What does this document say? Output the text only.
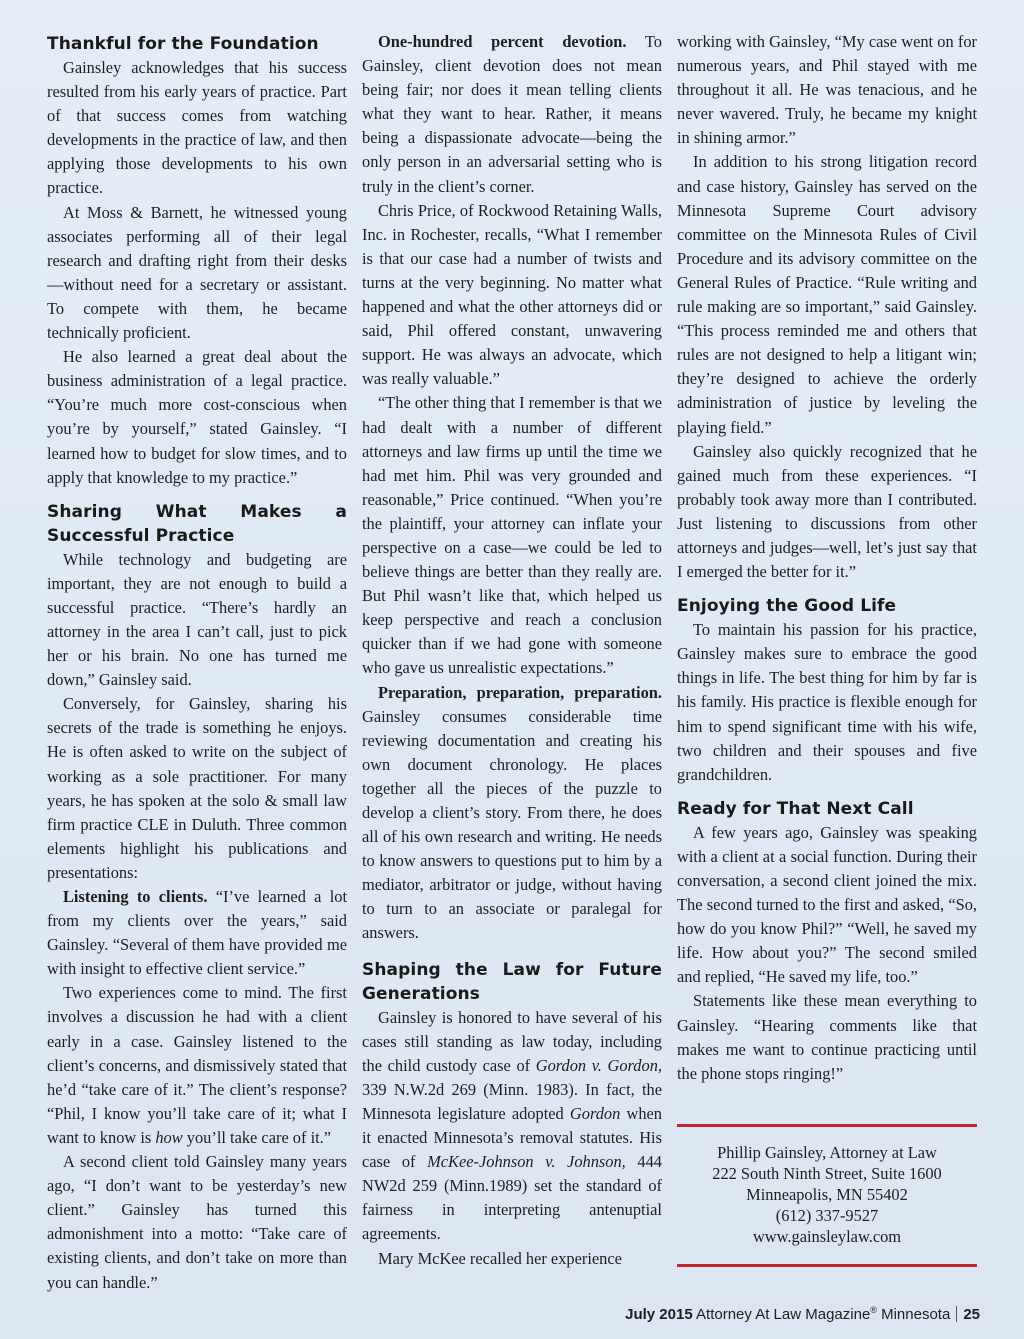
Thankful for the Foundation

Gainsley acknowledges that his success resulted from his early years of practice. Part of that success comes from watching developments in the practice of law, and then applying those developments to his own practice.

At Moss & Barnett, he witnessed young associates performing all of their legal research and drafting right from their desks—without need for a secretary or assistant. To compete with them, he became technically proficient.

He also learned a great deal about the business administration of a legal practice. “You’re much more cost-conscious when you’re by yourself,” stated Gainsley. “I learned how to budget for slow times, and to apply that knowledge to my practice.”

Sharing What Makes a Successful Practice

While technology and budgeting are important, they are not enough to build a successful practice. “There’s hardly an attorney in the area I can’t call, just to pick her or his brain. No one has turned me down,” Gainsley said.

Conversely, for Gainsley, sharing his secrets of the trade is something he enjoys. He is often asked to write on the subject of working as a sole practitioner. For many years, he has spoken at the solo & small law firm practice CLE in Duluth. Three common elements highlight his publications and presentations:

Listening to clients. “I’ve learned a lot from my clients over the years,” said Gainsley. “Several of them have provided me with insight to effective client service.”

Two experiences come to mind. The first involves a discussion he had with a client early in a case. Gainsley listened to the client’s concerns, and dismissively stated that he’d “take care of it.” The client’s response? “Phil, I know you’ll take care of it; what I want to know is how you’ll take care of it.”

A second client told Gainsley many years ago, “I don’t want to be yesterday’s new client.” Gainsley has turned this admonishment into a motto: “Take care of existing clients, and don’t take on more than you can handle.”

One-hundred percent devotion. To Gainsley, client devotion does not mean being fair; nor does it mean telling clients what they want to hear. Rather, it means being a dispassionate advocate—being the only person in an adversarial setting who is truly in the client’s corner.

Chris Price, of Rockwood Retaining Walls, Inc. in Rochester, recalls, “What I remember is that our case had a number of twists and turns at the very beginning. No matter what happened and what the other attorneys did or said, Phil offered constant, unwavering support. He was always an advocate, which was really valuable.”

“The other thing that I remember is that we had dealt with a number of different attorneys and law firms up until the time we had met him. Phil was very grounded and reasonable,” Price continued. “When you’re the plaintiff, your attorney can inflate your perspective on a case—we could be led to believe things are better than they really are. But Phil wasn’t like that, which helped us keep perspective and reach a conclusion quicker than if we had gone with someone who gave us unrealistic expectations.”

Preparation, preparation, preparation. Gainsley consumes considerable time reviewing documentation and creating his own document chronology. He places together all the pieces of the puzzle to develop a client’s story. From there, he does all of his own research and writing. He needs to know answers to questions put to him by a mediator, arbitrator or judge, without having to turn to an associate or paralegal for answers.

Shaping the Law for Future Generations

Gainsley is honored to have several of his cases still standing as law today, including the child custody case of Gordon v. Gordon, 339 N.W.2d 269 (Minn. 1983). In fact, the Minnesota legislature adopted Gordon when it enacted Minnesota’s removal statutes. His case of McKee-Johnson v. Johnson, 444 NW2d 259 (Minn.1989) set the standard of fairness in interpreting antenuptial agreements.

Mary McKee recalled her experience

working with Gainsley, “My case went on for numerous years, and Phil stayed with me throughout it all. He was tenacious, and he never wavered. Truly, he became my knight in shining armor.”

In addition to his strong litigation record and case history, Gainsley has served on the Minnesota Supreme Court advisory committee on the Minnesota Rules of Civil Procedure and its advisory committee on the General Rules of Practice. “Rule writing and rule making are so important,” said Gainsley. “This process reminded me and others that rules are not designed to help a litigant win; they’re designed to achieve the orderly administration of justice by leveling the playing field.”

Gainsley also quickly recognized that he gained much from these experiences. “I probably took away more than I contributed. Just listening to discussions from other attorneys and judges—well, let’s just say that I emerged the better for it.”

Enjoying the Good Life

To maintain his passion for his practice, Gainsley makes sure to embrace the good things in life. The best thing for him by far is his family. His practice is flexible enough for him to spend significant time with his wife, two children and their spouses and five grandchildren.

Ready for That Next Call

A few years ago, Gainsley was speaking with a client at a social function. During their conversation, a second client joined the mix. The second turned to the first and asked, “So, how do you know Phil?” “Well, he saved my life. How about you?” The second smiled and replied, “He saved my life, too.”

Statements like these mean everything to Gainsley. “Hearing comments like that makes me want to continue practicing until the phone stops ringing!”

Phillip Gainsley, Attorney at Law
222 South Ninth Street, Suite 1600
Minneapolis, MN 55402
(612) 337-9527
www.gainsleylaw.com
July 2015 Attorney At Law Magazine® Minnesota 25
